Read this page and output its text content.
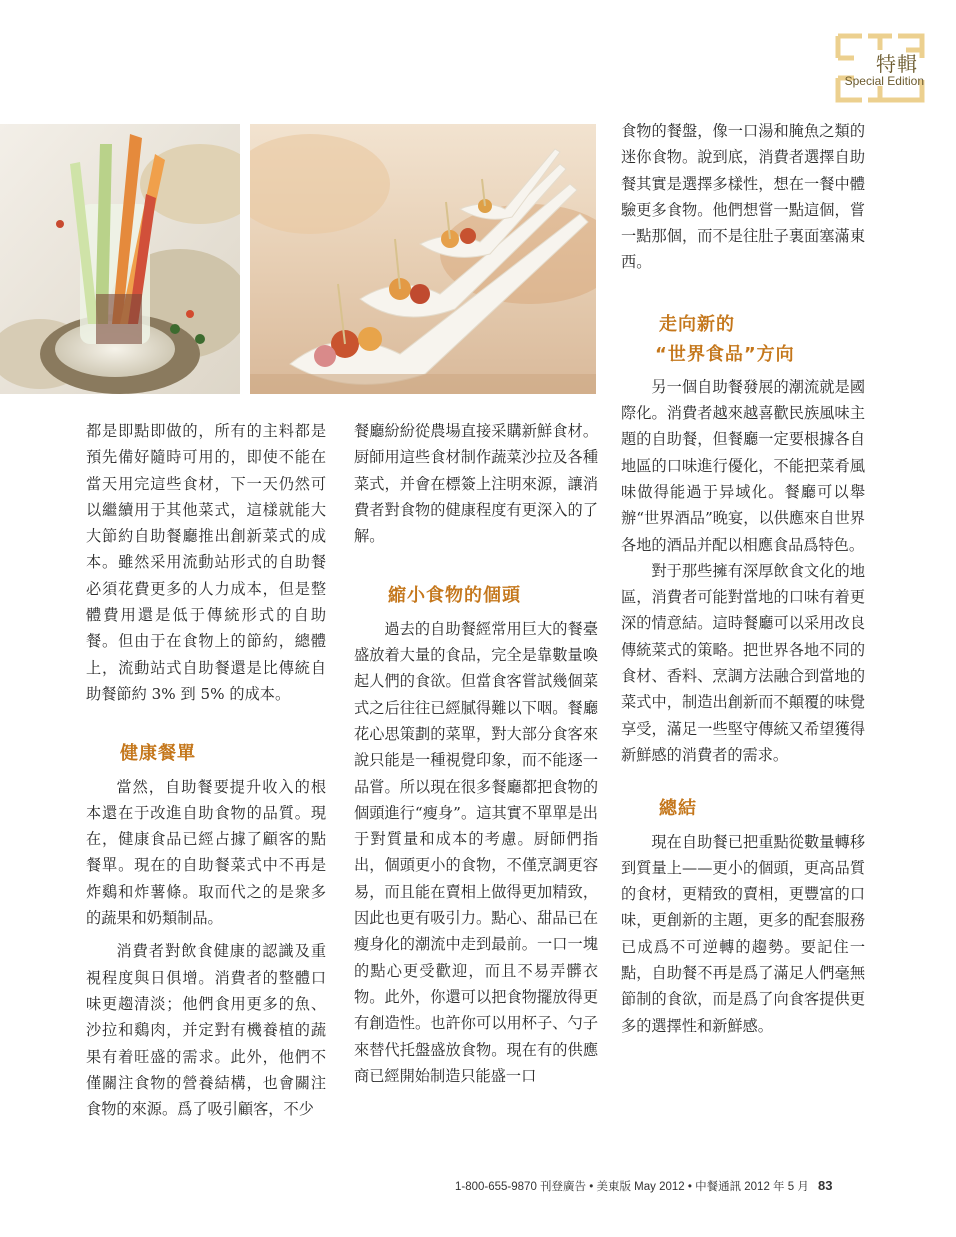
特輯
Special Edition

都是即點即做的，所有的主料都是預先備好隨時可用的，即使不能在當天用完這些食材，下一天仍然可以繼續用于其他菜式，這樣就能大大節約自助餐廳推出創新菜式的成本。雖然采用流動站形式的自助餐必須花費更多的人力成本，但是整體費用還是低于傳統形式的自助餐。但由于在食物上的節約，總體上，流動站式自助餐還是比傳統自助餐節約 3% 到 5% 的成本。

健康餐單

當然，自助餐要提升收入的根本還在于改進自助食物的品質。現在，健康食品已經占據了顧客的點餐單。現在的自助餐菜式中不再是炸鷄和炸薯條。取而代之的是衆多的蔬果和奶類制品。

消費者對飲食健康的認識及重視程度與日俱增。消費者的整體口味更趨清淡；他們食用更多的魚、沙拉和鷄肉，并定對有機養植的蔬果有着旺盛的需求。此外，他們不僅關注食物的營養結構，也會關注食物的來源。爲了吸引顧客，不少

餐廳紛紛從農場直接采購新鮮食材。厨師用這些食材制作蔬菜沙拉及各種菜式，并會在標簽上注明來源，讓消費者對食物的健康程度有更深入的了解。

縮小食物的個頭

過去的自助餐經常用巨大的餐臺盛放着大量的食品，完全是靠數量喚起人們的食欲。但當食客嘗試幾個菜式之后往往已經膩得難以下咽。餐廳花心思策劃的菜單，對大部分食客來說只能是一種視覺印象，而不能逐一品嘗。所以現在很多餐廳都把食物的個頭進行“瘦身”。這其實不單單是出于對質量和成本的考慮。厨師們指出，個頭更小的食物，不僅烹調更容易，而且能在賣相上做得更加精致，因此也更有吸引力。點心、甜品已在瘦身化的潮流中走到最前。一口一塊的點心更受歡迎，而且不易弄髒衣物。此外，你還可以把食物擺放得更有創造性。也許你可以用杯子、勺子來替代托盤盛放食物。現在有的供應商已經開始制造只能盛一口

食物的餐盤，像一口湯和腌魚之類的迷你食物。說到底，消費者選擇自助餐其實是選擇多樣性，想在一餐中體驗更多食物。他們想嘗一點這個，嘗一點那個，而不是往肚子裏面塞滿東西。

走向新的
“世界食品”方向

另一個自助餐發展的潮流就是國際化。消費者越來越喜歡民族風味主題的自助餐，但餐廳一定要根據各自地區的口味進行優化，不能把菜肴風味做得能過于异域化。餐廳可以舉辦“世界酒品”晚宴，以供應來自世界各地的酒品并配以相應食品爲特色。

對于那些擁有深厚飲食文化的地區，消費者可能對當地的口味有着更深的情意結。這時餐廳可以采用改良傳統菜式的策略。把世界各地不同的食材、香料、烹調方法融合到當地的菜式中，制造出創新而不顛覆的味覺享受，滿足一些堅守傳統又希望獲得新鮮感的消費者的需求。

總結

現在自助餐已把重點從數量轉移到質量上——更小的個頭，更高品質的食材，更精致的賣相，更豐富的口味，更創新的主題，更多的配套服務已成爲不可逆轉的趨勢。要記住一點，自助餐不再是爲了滿足人們毫無節制的食欲，而是爲了向食客提供更多的選擇性和新鮮感。

1-800-655-9870 刊登廣告 • 美東版 May 2012 • 中餐通訊 2012 年 5 月 83
